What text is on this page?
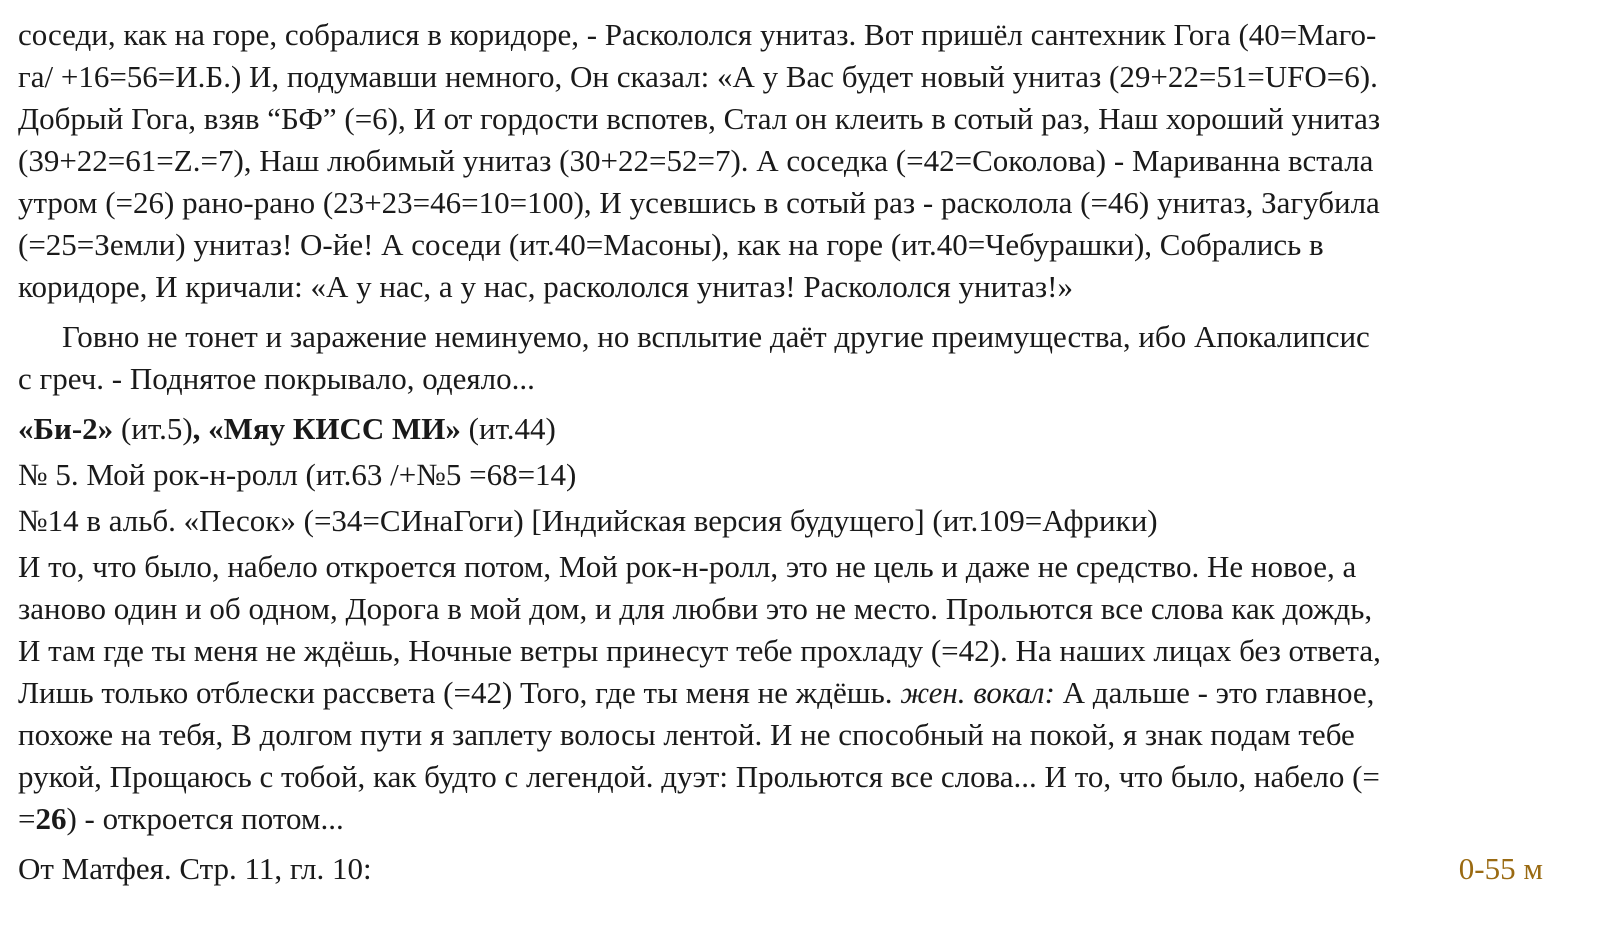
соседи, как на горе, собралися в коридоре, - Раскололся унитаз. Вот пришёл сантехник Гога (40=Маго-
га/ +16=56=И.Б.) И, подумавши немного, Он сказал: «А у Вас будет новый унитаз (29+22=51=UFO=6).
Добрый Гога, взяв “БФ” (=6), И от гордости вспотев, Стал он клеить в сотый раз, Наш хороший унитаз
(39+22=61=Z.=7), Наш любимый унитаз (30+22=52=7). А соседка (=42=Соколова) - Мариванна встала
утром (=26) рано-рано (23+23=46=10=100), И усевшись в сотый раз - расколола (=46) унитаз, Загубила
(=25=Земли) унитаз! О-йе! А соседи (ит.40=Масоны), как на горе (ит.40=Чебурашки), Собрались в
коридоре, И кричали: «А у нас, а у нас, раскололся унитаз! Раскололся унитаз!»
Говно не тонет и заражение неминуемо, но всплытие даёт другие преимущества, ибо Апокалипсис
с греч. - Поднятое покрывало, одеяло...
«Би-2» (ит.5), «Мяу КИСС МИ» (ит.44)
№ 5. Мой рок-н-ролл (ит.63 /+№5 =68=14)
№14 в альб. «Песок» (=34=СИнаГоги) [Индийская версия будущего] (ит.109=Африки)
И то, что было, набело откроется потом, Мой рок-н-ролл, это не цель и даже не средство. Не новое, а
заново один и об одном, Дорога в мой дом, и для любви это не место. Прольются все слова как дождь,
И там где ты меня не ждёшь, Ночные ветры принесут тебе прохладу (=42). На наших лицах без ответа,
Лишь только отблески рассвета (=42) Того, где ты меня не ждёшь. жен. вокал: А дальше - это главное,
похоже на тебя, В долгом пути я заплету волосы лентой. И не способный на покой, я знак подам тебе
рукой, Прощаюсь с тобой, как будто с легендой. дуэт: Прольются все слова... И то, что было, набело (=
=26) - откроется потом...
От Матфея. Стр. 11, гл. 10:	0-55 м
